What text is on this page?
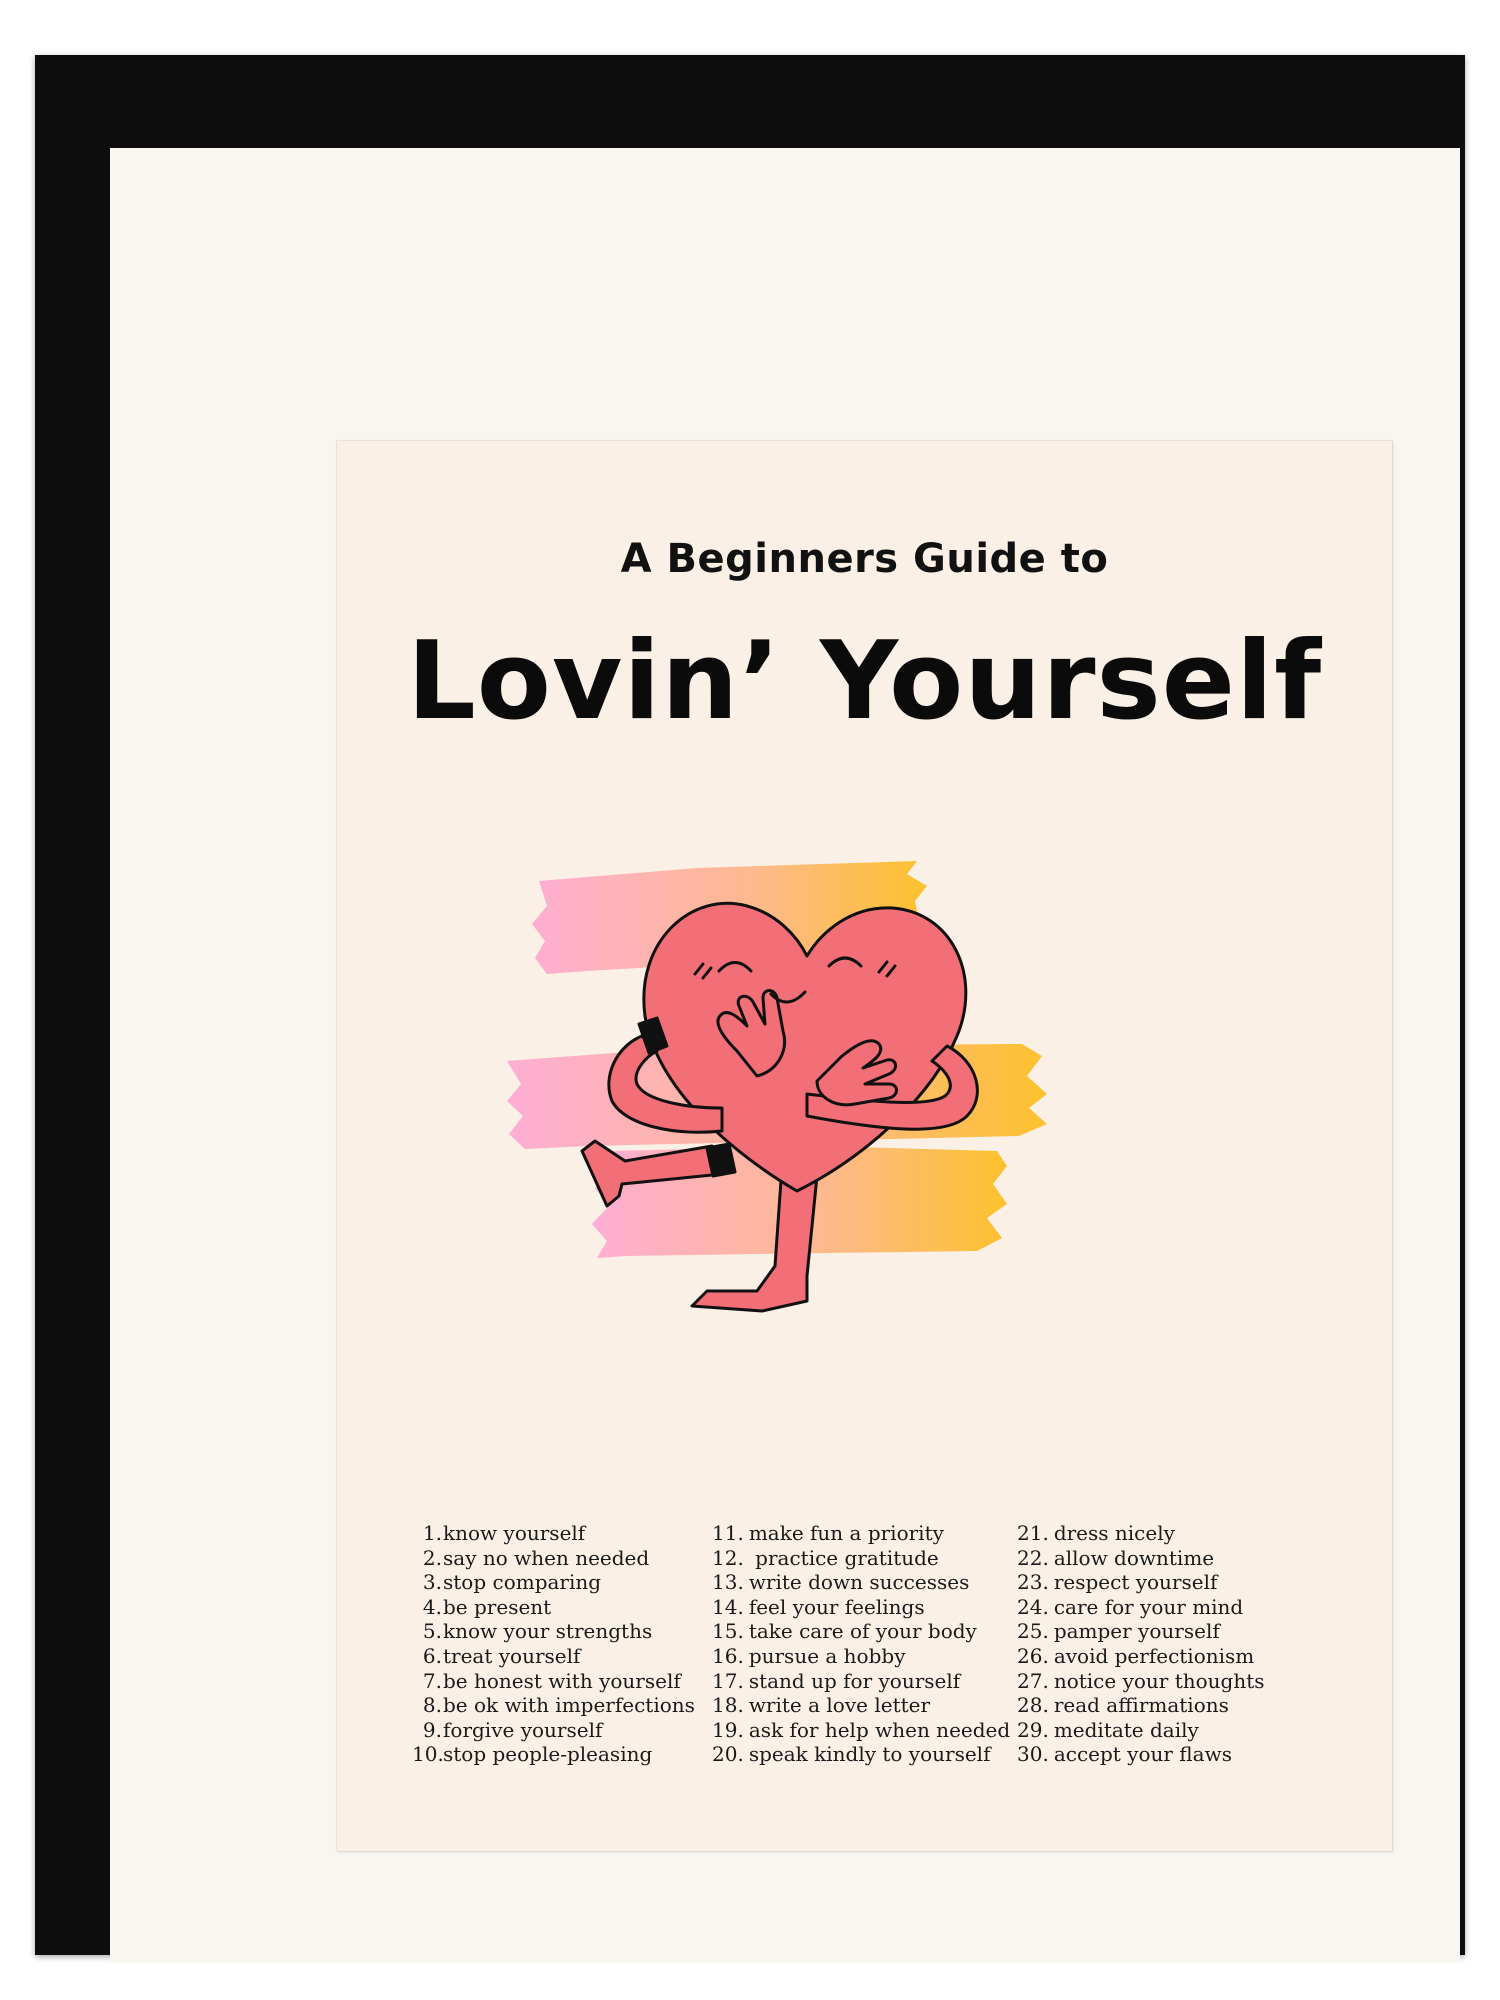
A Beginners Guide to
Lovin’ Yourself
1.know yourself
2.say no when needed
3.stop comparing
4.be present
5.know your strengths
6.treat yourself
7.be honest with yourself
8.be ok with imperfections
9.forgive yourself
10.stop people-pleasing
11. make fun a priority
12. practice gratitude
13. write down successes
14. feel your feelings
15. take care of your body
16. pursue a hobby
17. stand up for yourself
18. write a love letter
19. ask for help when needed
20. speak kindly to yourself
21. dress nicely
22. allow downtime
23. respect yourself
24. care for your mind
25. pamper yourself
26. avoid perfectionism
27. notice your thoughts
28. read affirmations
29. meditate daily
30. accept your flaws
